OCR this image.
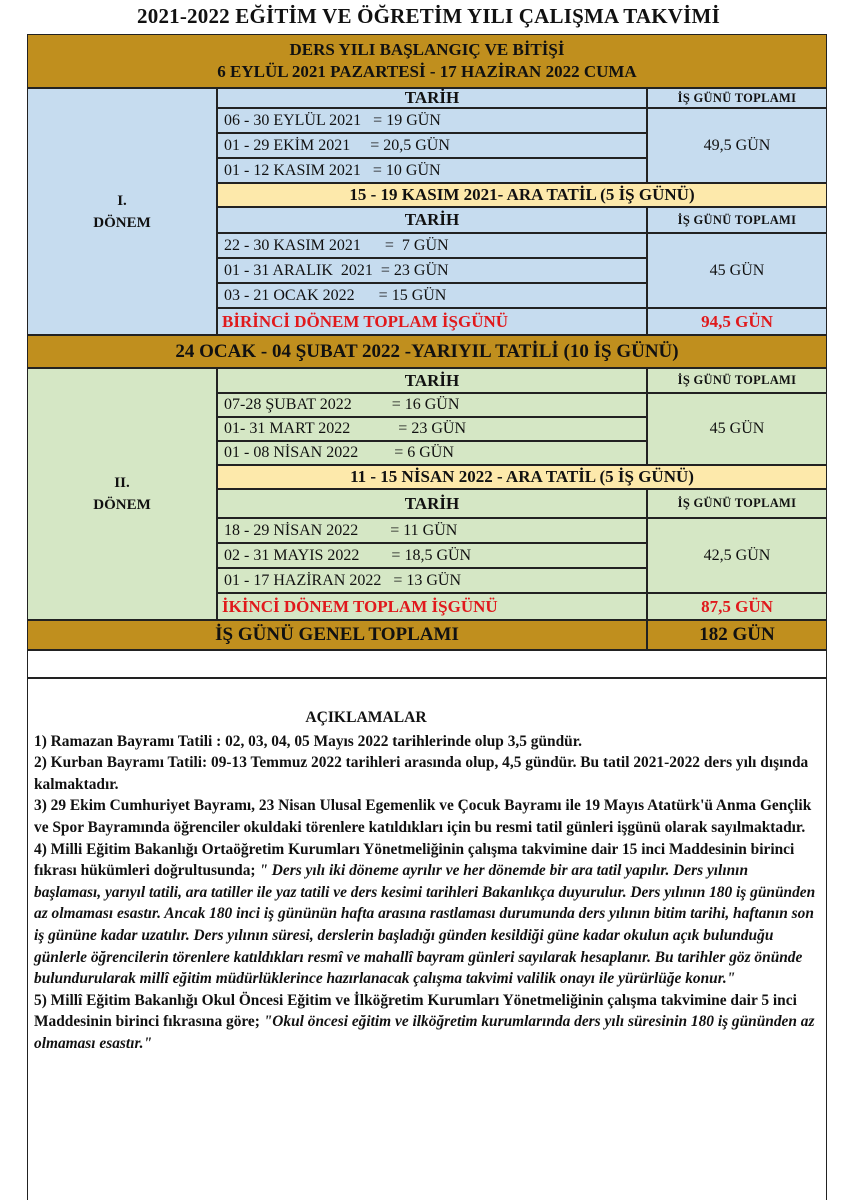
2021-2022 EĞİTİM VE ÖĞRETİM YILI ÇALIŞMA TAKVİMİ
DERS YILI BAŞLANGIÇ VE BİTİŞİ
6 EYLÜL 2021 PAZARTESİ - 17 HAZİRAN 2022 CUMA
I.
DÖNEM
TARİH	İŞ GÜNÜ TOPLAMI
06 - 30 EYLÜL 2021   = 19 GÜN
01 - 29 EKİM 2021     = 20,5 GÜN
01 - 12 KASIM 2021   = 10 GÜN
49,5 GÜN
15 - 19 KASIM 2021- ARA TATİL (5 İŞ GÜNÜ)
TARİH	İŞ GÜNÜ TOPLAMI
22 - 30 KASIM 2021      =  7 GÜN
01 - 31 ARALIK  2021  = 23 GÜN
03 - 21 OCAK 2022      = 15 GÜN
45 GÜN
BİRİNCİ DÖNEM TOPLAM İŞGÜNÜ	94,5 GÜN
24 OCAK - 04 ŞUBAT 2022 -YARIYIL TATİLİ (10 İŞ GÜNÜ)
II.
DÖNEM
TARİH	İŞ GÜNÜ TOPLAMI
07-28 ŞUBAT 2022          = 16 GÜN
01- 31 MART 2022            = 23 GÜN
01 - 08 NİSAN 2022         = 6 GÜN
45 GÜN
11 - 15 NİSAN 2022 - ARA TATİL (5 İŞ GÜNÜ)
TARİH	İŞ GÜNÜ TOPLAMI
18 - 29 NİSAN 2022        = 11 GÜN
02 - 31 MAYIS 2022        = 18,5 GÜN
01 - 17 HAZİRAN 2022   = 13 GÜN
42,5 GÜN
İKİNCİ DÖNEM TOPLAM İŞGÜNÜ	87,5 GÜN
İŞ GÜNÜ GENEL TOPLAMI	182 GÜN
AÇIKLAMALAR

1) Ramazan Bayramı Tatili : 02, 03, 04, 05 Mayıs 2022 tarihlerinde olup 3,5 gündür.

2) Kurban Bayramı Tatili: 09-13 Temmuz 2022 tarihleri arasında olup, 4,5 gündür. Bu tatil 2021-2022 ders yılı dışında kalmaktadır.

3) 29 Ekim Cumhuriyet Bayramı, 23 Nisan Ulusal Egemenlik ve Çocuk Bayramı ile 19 Mayıs Atatürk'ü Anma Gençlik ve Spor Bayramında öğrenciler okuldaki törenlere katıldıkları için bu resmi tatil günleri işgünü olarak sayılmaktadır.

4) Milli Eğitim Bakanlığı Ortaöğretim Kurumları Yönetmeliğinin çalışma takvimine dair 15 inci Maddesinin birinci fıkrası hükümleri doğrultusunda; " Ders yılı iki döneme ayrılır ve her dönemde bir ara tatil yapılır. Ders yılının başlaması, yarıyıl tatili, ara tatiller ile yaz tatili ve ders kesimi tarihleri Bakanlıkça duyurulur. Ders yılının 180 iş gününden az olmaması esastır. Ancak 180 inci iş gününün hafta arasına rastlaması durumunda ders yılının bitim tarihi, haftanın son iş gününe kadar uzatılır. Ders yılının süresi, derslerin başladığı günden kesildiği güne kadar okulun açık bulunduğu günlerle öğrencilerin törenlere katıldıkları resmî ve mahallî bayram günleri sayılarak hesaplanır. Bu tarihler göz önünde bulundurularak millî eğitim müdürlüklerince hazırlanacak çalışma takvimi valilik onayı ile yürürlüğe konur."

5) Millî Eğitim Bakanlığı Okul Öncesi Eğitim ve İlköğretim Kurumları Yönetmeliğinin çalışma takvimine dair 5 inci Maddesinin birinci fıkrasına göre; "Okul öncesi eğitim ve ilköğretim kurumlarında ders yılı süresinin 180 iş gününden az olmaması esastır."
